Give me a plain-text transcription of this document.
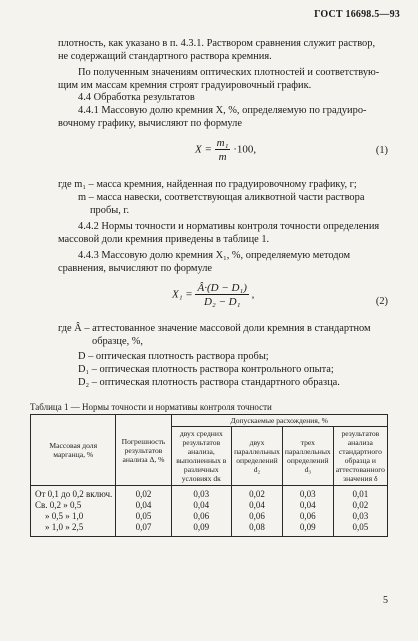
ГОСТ 16698.5—93
плотность, как указано в п. 4.3.1. Раствором сравнения служит раствор,
не содержащий стандартного раствора кремния.
По полученным значениям оптических плотностей и соответствую-
щим им массам кремния строят градуировочный график.
4.4 Обработка результатов
4.4.1 Массовую долю кремния X, %, определяемую по градуиро-
вочному графику, вычисляют по формуле
$X = \frac{\text{m₁}}{m} \cdot 100$,	(1)
где m₁ – масса кремния, найденная по градуировочному графику, г;
m – масса навески, соответствующая аликвотной части раствора
пробы, г.
4.4.2 Нормы точности и нормативы контроля точности определения
массовой доли кремния приведены в таблице 1.
4.4.3 Массовую долю кремния X₁, %, определяемую методом
сравнения, вычисляют по формуле
$X_1 = \frac{\text{Â·(D − D₁)}}{\text{D₂ − D₁}}$ ,
(2)
где Â – аттестованное значение массовой доли кремния в стандартном
образце, %,
D – оптическая плотность раствора пробы;
D₁ – оптическая плотность раствора контрольного опыта;
D₂ – оптическая плотность раствора стандартного образца.
Таблица 1 — Нормы точности и нормативы контроля точности
Массовая доля марганца, %	Погрешность результатов анализа Δ, %	Допускаемые расхождения, %			
		двух средних результатов анализа, выполненных в различных условиях dк	двух параллельных определений d₂	трех параллельных определений d₃	результатов анализа стандартного образца и аттестованного значения δ
От 0,1 до 0,2 включ.	0,02	0,03	0,02	0,03	0,01
Св. 0,2 » 0,5	0,04	0,04	0,04	0,04	0,02
» 0,5 » 1,0	0,05	0,06	0,06	0,06	0,03
» 1,0 » 2,5	0,07	0,09	0,08	0,09	0,05
5
